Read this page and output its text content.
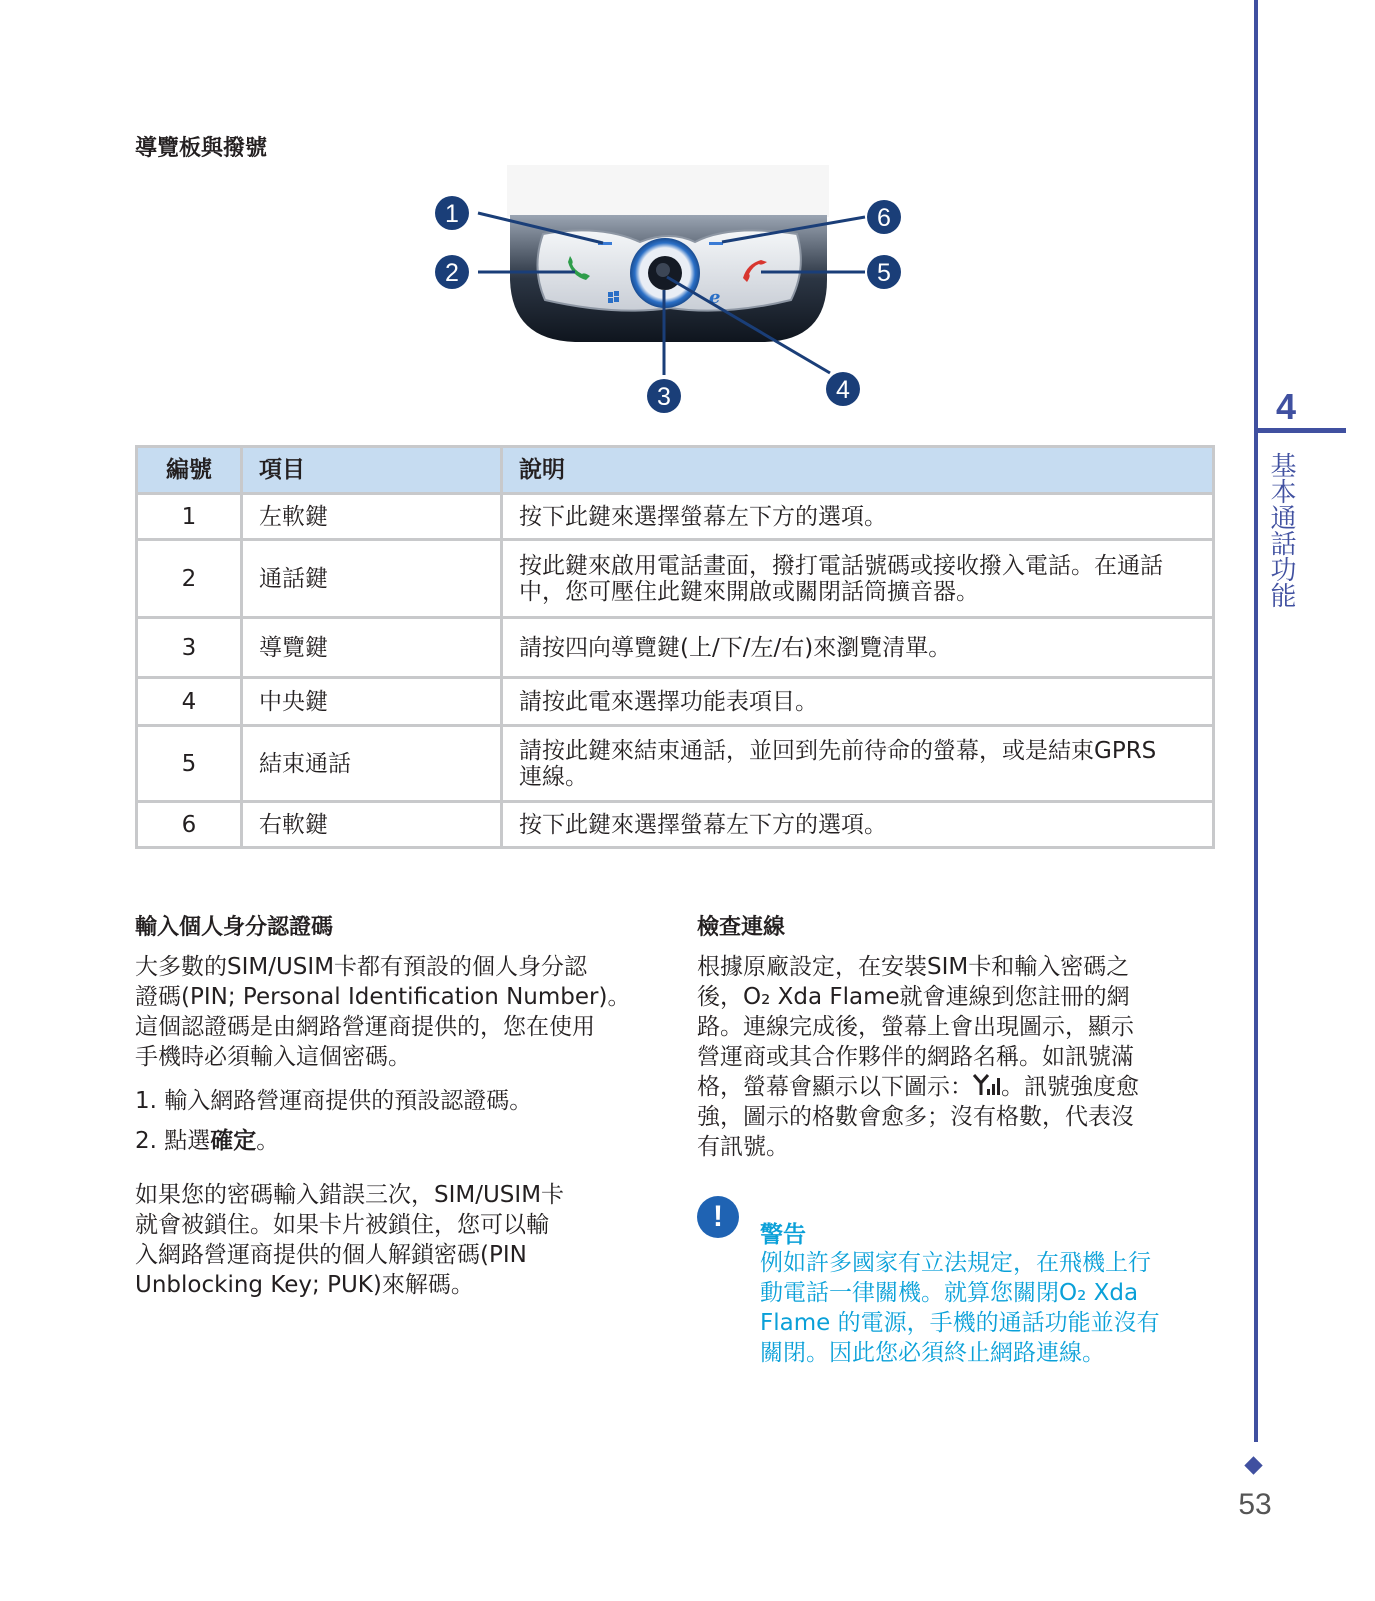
導覽板與撥號
e
1
2
3	4
5
6
編號	項目	說明
1	左軟鍵	按下此鍵來選擇螢幕左下方的選項。

2	通話鍵	按此鍵來啟用電話畫面，撥打電話號碼或接收撥入電話。在通話
中，您可壓住此鍵來開啟或關閉話筒擴音器。

3	導覽鍵	請按四向導覽鍵(上/下/左/右)來瀏覽清單。

4	中央鍵	請按此電來選擇功能表項目。

5	結束通話	請按此鍵來結束通話，並回到先前待命的螢幕，或是結束GPRS
連線。

6	右軟鍵	按下此鍵來選擇螢幕左下方的選項。
輸入個人身分認證碼
大多數的SIM/USIM卡都有預設的個人身分認
證碼(PIN; Personal Identification Number)。
這個認證碼是由網路營運商提供的，您在使用
手機時必須輸入這個密碼。
1. 輸入網路營運商提供的預設認證碼。
2. 點選確定。
如果您的密碼輸入錯誤三次，SIM/USIM卡
就會被鎖住。如果卡片被鎖住，您可以輸
入網路營運商提供的個人解鎖密碼(PIN
Unblocking Key; PUK)來解碼。
檢查連線
根據原廠設定，在安裝SIM卡和輸入密碼之
後，O₂ Xda Flame就會連線到您註冊的網
路。連線完成後，螢幕上會出現圖示，顯示
營運商或其合作夥伴的網路名稱。如訊號滿
格，螢幕會顯示以下圖示： 。訊號強度愈
強，圖示的格數會愈多；沒有格數，代表沒
有訊號。
!
警告
例如許多國家有立法規定，在飛機上行
動電話一律關機。就算您關閉O₂ Xda
Flame 的電源，手機的通話功能並沒有
關閉。因此您必須終止網路連線。
4
基本通話功能
53
